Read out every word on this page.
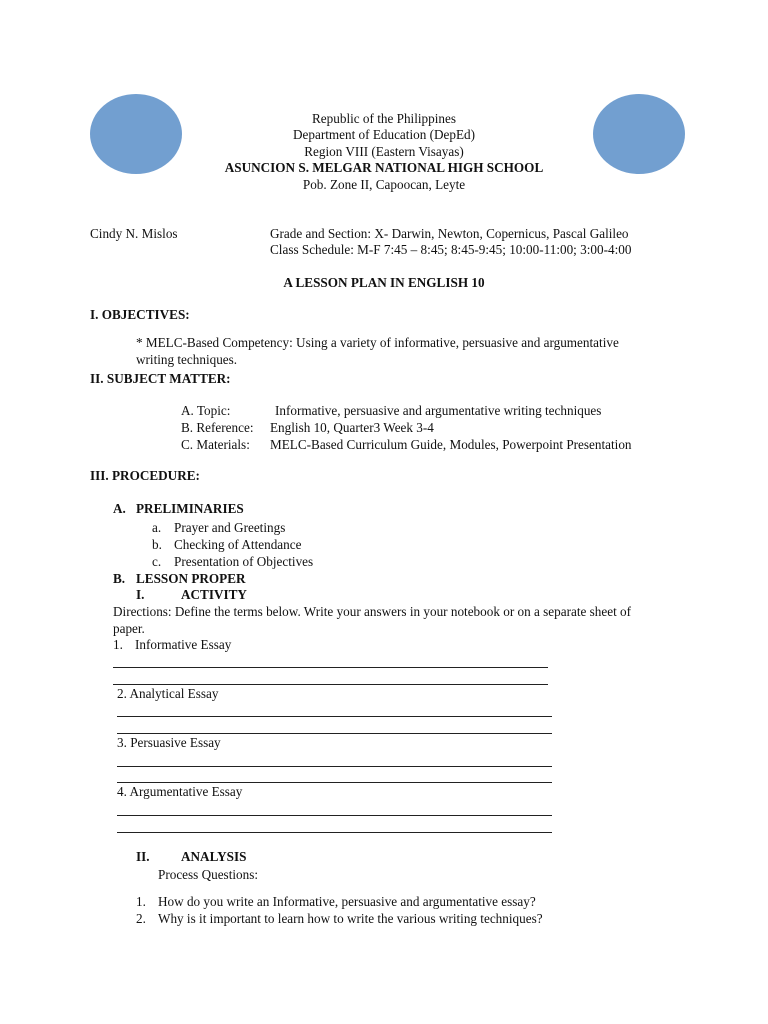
Republic of the Philippines
Department of Education (DepEd)
Region VIII (Eastern Visayas)
ASUNCION S. MELGAR NATIONAL HIGH SCHOOL
Pob. Zone II, Capoocan, Leyte
Cindy N. Mislos	Grade and Section: X- Darwin, Newton, Copernicus, Pascal Galileo
Class Schedule: M-F 7:45 – 8:45; 8:45-9:45; 10:00-11:00; 3:00-4:00
A LESSON PLAN IN ENGLISH 10
I. OBJECTIVES:
* MELC-Based Competency: Using a variety of informative, persuasive and argumentative
writing techniques.
II. SUBJECT MATTER:
A. Topic:	Informative, persuasive and argumentative writing techniques
B. Reference: English 10, Quarter3 Week 3-4
C. Materials: MELC-Based Curriculum Guide, Modules, Powerpoint Presentation
III. PROCEDURE:
A. PRELIMINARIES
a. Prayer and Greetings
b. Checking of Attendance
c. Presentation of Objectives
B. LESSON PROPER
I.	ACTIVITY
Directions: Define the terms below. Write your answers in your notebook or on a separate sheet of
paper.
1. Informative Essay
2. Analytical Essay
3. Persuasive Essay
4. Argumentative Essay
II. ANALYSIS
Process Questions:
1. How do you write an Informative, persuasive and argumentative essay?
2. Why is it important to learn how to write the various writing techniques?
